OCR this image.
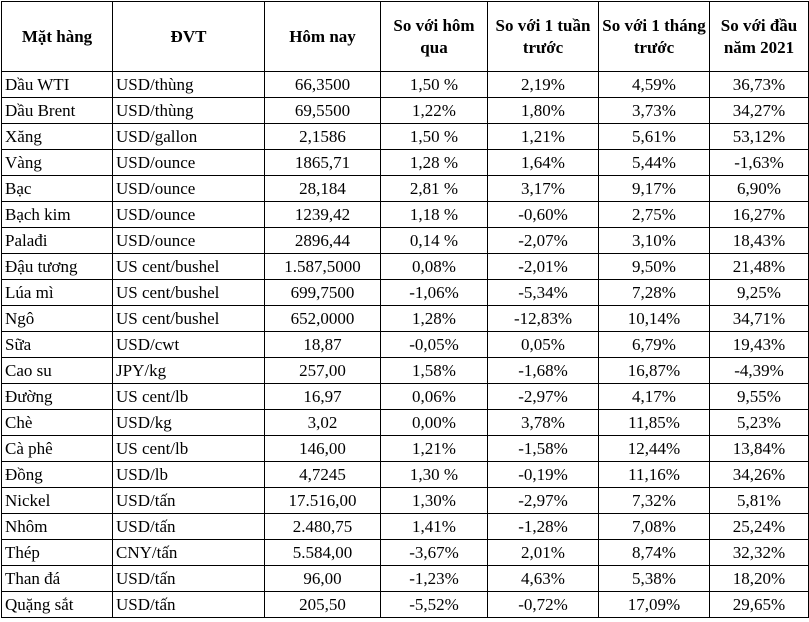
Mặt hàng	ĐVT	Hôm nay	So với hôm qua	So với 1 tuần trước	So với 1 tháng trước	So với đầu năm 2021
Dầu WTI	USD/thùng	66,3500	1,50 %	2,19%	4,59%	36,73%
Dầu Brent	USD/thùng	69,5500	1,22%	1,80%	3,73%	34,27%
Xăng	USD/gallon	2,1586	1,50 %	1,21%	5,61%	53,12%
Vàng	USD/ounce	1865,71	1,28 %	1,64%	5,44%	-1,63%
Bạc	USD/ounce	28,184	2,81 %	3,17%	9,17%	6,90%
Bạch kim	USD/ounce	1239,42	1,18 %	-0,60%	2,75%	16,27%
Palađi	USD/ounce	2896,44	0,14 %	-2,07%	3,10%	18,43%
Đậu tương	US cent/bushel	1.587,5000	0,08%	-2,01%	9,50%	21,48%
Lúa mì	US cent/bushel	699,7500	-1,06%	-5,34%	7,28%	9,25%
Ngô	US cent/bushel	652,0000	1,28%	-12,83%	10,14%	34,71%
Sữa	USD/cwt	18,87	-0,05%	0,05%	6,79%	19,43%
Cao su	JPY/kg	257,00	1,58%	-1,68%	16,87%	-4,39%
Đường	US cent/lb	16,97	0,06%	-2,97%	4,17%	9,55%
Chè	USD/kg	3,02	0,00%	3,78%	11,85%	5,23%
Cà phê	US cent/lb	146,00	1,21%	-1,58%	12,44%	13,84%
Đồng	USD/lb	4,7245	1,30 %	-0,19%	11,16%	34,26%
Nickel	USD/tấn	17.516,00	1,30%	-2,97%	7,32%	5,81%
Nhôm	USD/tấn	2.480,75	1,41%	-1,28%	7,08%	25,24%
Thép	CNY/tấn	5.584,00	-3,67%	2,01%	8,74%	32,32%
Than đá	USD/tấn	96,00	-1,23%	4,63%	5,38%	18,20%
Quặng sắt	USD/tấn	205,50	-5,52%	-0,72%	17,09%	29,65%
